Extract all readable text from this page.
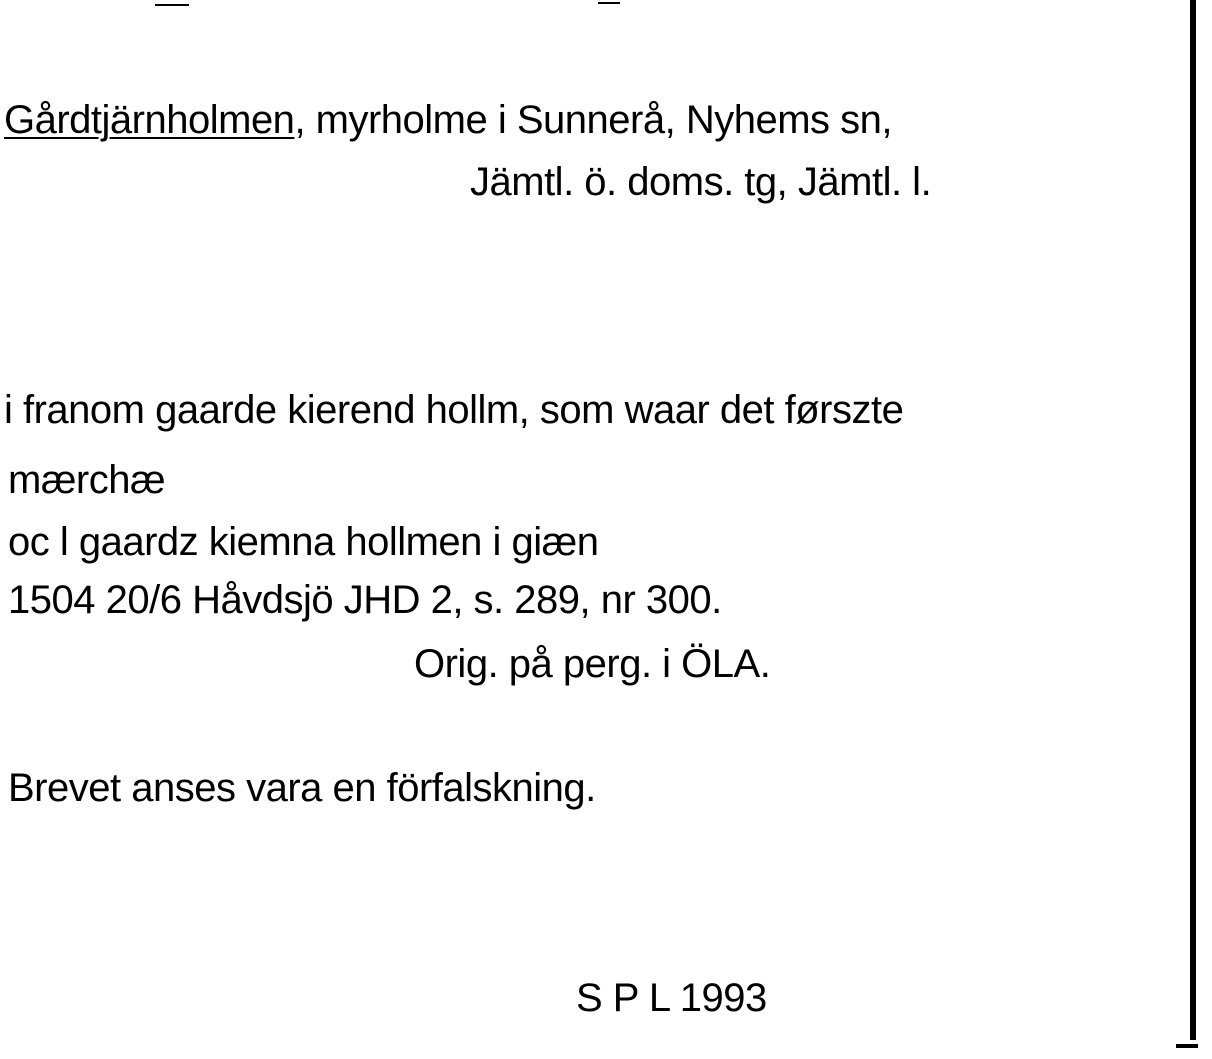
Gårdtjärnholmen, myrholme i Sunnerå, Nyhems sn,
Jämtl. ö. doms. tg, Jämtl. l.
i franom gaarde kierend hollm, som waar det førszte
mærchæ
oc l gaardz kiemna hollmen i giæn
1504 20/6 Håvdsjö JHD 2, s. 289, nr 300.
Orig. på perg. i ÖLA.
Brevet anses vara en förfalskning.
S P L 1993
